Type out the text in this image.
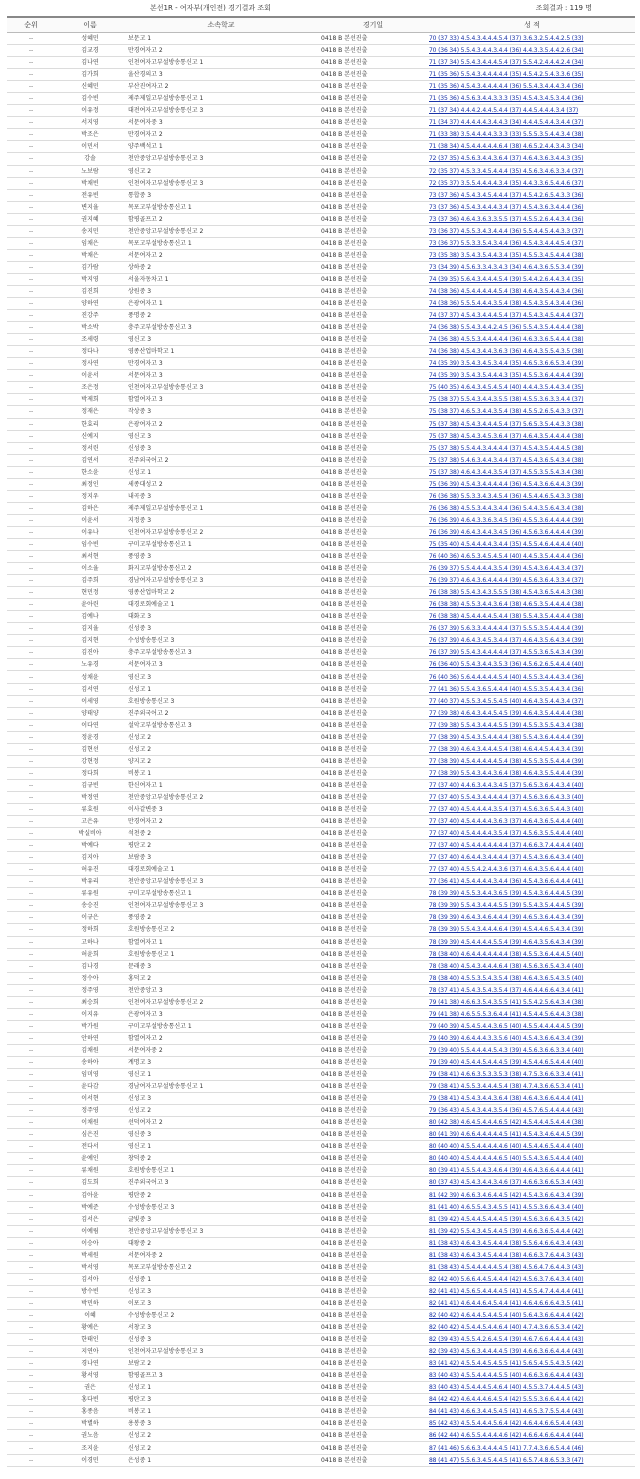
본선1R - 여자부(개인전) 경기결과 조회	조회결과 : 119 명
순위	이름	소속학교	경기일	성 적
--	성혜민	보문고 1	0418 B 본선진출	70 (37 33) 4.5.4.3.4.4.4.5.4 (37) 3.6.3.2.5.4.4.2.5 (33)
--	김교경	만경여자고 2	0418 B 본선진출	70 (36 34) 5.5.4.3.4.4.3.4.4 (36) 4.4.3.3.5.4.4.2.6 (34)
--	김나연	인천여자고부설방송통신고 1	0418 B 본선진출	71 (37 34) 5.5.4.3.4.4.4.5.4 (37) 5.5.4.2.4.4.4.2.4 (34)
--	김가희	울산경의고 3	0418 B 본선진출	71 (35 36) 5.5.4.3.4.4.4.4.4 (35) 4.5.4.2.5.4.3.3.6 (35)
--	신혜민	부산진여자고 2	0418 B 본선진출	71 (35 36) 4.5.4.3.4.4.4.4.4 (36) 5.5.4.3.4.4.4.3.4 (36)
--	김수빈	제주제일고부설방송통신고 1	0418 B 본선진출	71 (35 36) 4.5.6.3.4.4.3.3.3 (35) 4.5.4.3.4.5.3.4.4 (36)
--	이유정	대전여자고부설방송통신고 3	0418 B 본선진출	71 (37 34) 4.4.4.2.4.4.5.4.4 (37) 4.4.5.4.4.4.3.4 (37)
--	서지영	서문여자중 3	0418 B 본선진출	71 (34 37) 4.4.4.4.4.3.4.4.3 (34) 4.4.4.5.4.4.3.4.4 (37)
--	박조은	만경여자고 2	0418 B 본선진출	71 (33 38) 3.5.4.4.4.4.3.3.3 (33) 5.5.5.3.5.4.4.3.4 (38)
--	이민서	양주백석고 1	0418 B 본선진출	71 (38 34) 4.5.4.4.4.4.4.6.4 (38) 4.6.5.2.4.4.3.4.3 (34)
--	강솔	천안중앙고부설방송통신고 3	0418 B 본선진출	72 (37 35) 4.5.6.3.4.4.3.6.4 (37) 4.6.4.3.6.3.4.4.3 (35)
--	노보람	영신고 2	0418 B 본선진출	72 (35 37) 4.5.3.3.4.5.4.4.4 (35) 4.5.6.3.4.6.3.3.4 (37)
--	박채빈	인천여자고부설방송통신고 3	0418 B 본선진출	72 (35 37) 3.5.5.4.4.4.4.3.4 (35) 4.4.3.3.6.5.4.4.6 (37)
--	전유빈	통합중 3	0418 B 본선진출	73 (37 36) 4.5.4.3.4.5.4.4.4 (37) 4.5.4.2.6.5.4.3.3 (36)
--	변지율	목포고부설방송통신고 1	0418 B 본선진출	73 (37 36) 4.5.4.3.4.4.4.3.4 (37) 4.5.4.3.6.3.4.4.4 (36)
--	권지혜	함평골프고 2	0418 B 본선진출	73 (37 36) 4.6.4.3.6.3.3.5.5 (37) 4.5.5.2.6.4.4.3.4 (36)
--	송지민	천안중앙고부설방송통신고 2	0418 B 본선진출	73 (36 37) 4.5.5.3.4.3.4.4.4 (36) 5.5.4.4.5.4.4.3.3 (37)
--	임채은	목포고부설방송통신고 1	0418 B 본선진출	73 (36 37) 5.5.3.3.5.4.3.4.4 (36) 4.5.4.3.4.4.4.5.4 (37)
--	박채은	서문여자고 2	0418 B 본선진출	73 (35 38) 3.5.4.3.5.4.4.3.4 (35) 4.5.5.3.4.5.4.4.4 (38)
--	김가람	상하중 2	0418 B 본선진출	73 (34 39) 4.5.6.3.3.4.3.4.3 (34) 4.6.4.3.6.5.5.3.4 (39)
--	박지영	서울자동차고 1	0418 B 본선진출	74 (39 35) 5.6.4.3.4.4.4.5.4 (39) 5.4.4.2.6.4.4.3.4 (35)
--	김진희	상원중 3	0418 B 본선진출	74 (38 36) 4.5.4.4.4.4.4.5.4 (38) 4.6.4.3.5.4.4.3.4 (36)
--	양하연	은광여자고 1	0418 B 본선진출	74 (38 36) 5.5.5.4.4.4.3.5.4 (38) 4.5.4.3.5.4.3.4.4 (36)
--	진강주	풍명중 2	0418 B 본선진출	74 (37 37) 4.5.4.3.4.4.4.5.4 (37) 4.5.4.3.4.5.4.4.4 (37)
--	박소박	충주고부설방송통신고 3	0418 B 본선진출	74 (36 38) 5.5.4.3.4.4.2.4.5 (36) 5.5.4.3.5.4.4.4.4 (38)
--	조세령	영신고 3	0418 B 본선진출	74 (36 38) 4.5.5.3.4.4.4.4.4 (36) 4.6.3.3.6.5.4.4.4 (38)
--	정다나	영종산업마학고 1	0418 B 본선진출	74 (36 38) 4.5.4.3.4.4.3.6.3 (36) 4.6.4.3.5.5.4.3.5 (38)
--	정사연	만경여자고 3	0418 B 본선진출	74 (35 39) 3.5.4.3.4.5.3.4.4 (35) 4.6.5.3.6.6.5.3.4 (39)
--	이윤서	서문여자고 3	0418 B 본선진출	74 (35 39) 3.5.4.3.5.4.4.4.3 (35) 4.5.5.3.6.4.4.4.4 (39)
--	조은정	인천여자고부설방송통신고 3	0418 B 본선진출	75 (40 35) 4.6.4.3.4.5.4.5.4 (40) 4.4.4.3.5.4.4.3.4 (35)
--	박제희	함열여자고 3	0418 B 본선진출	75 (38 37) 5.5.4.3.4.4.3.5.5 (38) 4.5.5.3.6.3.3.4.4 (37)
--	정재은	작상중 3	0418 B 본선진출	75 (38 37) 4.6.5.3.4.4.3.5.4 (38) 4.5.5.2.6.5.4.3.3 (37)
--	한효리	은광여자고 2	0418 B 본선진출	75 (37 38) 4.5.4.3.4.4.4.5.4 (37) 5.6.5.3.5.4.4.3.3 (38)
--	신예지	영신고 3	0418 B 본선진출	75 (37 38) 4.5.4.3.4.5.3.6.4 (37) 4.6.4.3.5.4.4.4.4 (38)
--	정서린	신성중 3	0418 B 본선진출	75 (37 38) 5.5.4.4.3.4.4.4.4 (37) 4.5.4.3.5.4.4.4.5 (38)
--	김연서	진주외국어고 2	0418 B 본선진출	75 (37 38) 5.4.6.3.4.4.3.4.4 (37) 4.5.4.3.6.5.4.3.4 (38)
--	한소윤	신성고 1	0418 B 본선진출	75 (37 38) 4.6.4.3.4.4.3.5.4 (37) 4.5.5.3.5.5.4.3.4 (38)
--	최정인	세종대성고 2	0418 B 본선진출	75 (36 39) 4.5.4.3.4.4.4.4.4 (36) 4.5.4.3.6.6.4.4.3 (39)
--	정지우	내곡중 3	0418 B 본선진출	76 (36 38) 5.5.3.3.4.3.4.5.4 (36) 4.5.4.4.6.5.4.3.3 (38)
--	김하은	제주제일고부설방송통신고 1	0418 B 본선진출	76 (36 38) 4.5.5.3.4.4.3.4.4 (36) 5.4.4.3.5.6.4.3.4 (38)
--	이윤서	지정중 3	0418 B 본선진출	76 (36 39) 4.6.4.3.3.6.3.4.5 (36) 4.5.5.3.6.4.4.4.4 (39)
--	이유나	인천여자고부설방송통신고 2	0418 B 본선진출	76 (36 39) 4.6.4.3.4.4.3.4.5 (36) 4.5.6.3.6.4.4.4.4 (39)
--	임수빈	구미고부설방송통신고 1	0418 B 본선진출	75 (35 40) 4.5.4.4.4.4.3.4.4 (35) 4.5.5.4.6.4.4.4.4 (40)
--	최서현	풍영중 3	0418 B 본선진출	76 (40 36) 4.6.5.3.4.5.4.5.4 (40) 4.4.5.3.5.4.4.4.4 (36)
--	이소율	화지고부설방송통신고 2	0418 B 본선진출	76 (39 37) 5.5.4.4.4.4.3.5.4 (39) 4.5.4.3.6.4.4.3.4 (37)
--	김주희	경남여자고부설방송통신고 3	0418 B 본선진출	76 (39 37) 4.6.4.3.6.4.4.4.4 (39) 4.5.6.3.6.4.3.3.4 (37)
--	현민정	영종산업마학고 2	0418 B 본선진출	76 (38 38) 5.5.4.3.4.3.5.5.5 (38) 4.5.4.3.6.5.4.4.3 (38)
--	윤아린	대경로회예술고 1	0418 B 본선진출	76 (38 38) 4.5.5.3.4.4.3.6.4 (38) 4.6.5.3.5.4.4.4.4 (38)
--	김예나	대화고 3	0418 B 본선진출	76 (38 38) 4.5.4.4.4.4.5.4.4 (38) 5.5.4.3.5.4.4.4.4 (38)
--	김지율	신성중 3	0418 B 본선진출	76 (37 39) 5.6.3.3.4.4.4.4.4 (37) 5.5.5.3.5.4.4.4.4 (39)
--	김지현	수성방송통신고 3	0418 B 본선진출	76 (37 39) 4.6.4.3.4.5.3.4.4 (37) 4.6.4.3.5.6.4.3.4 (39)
--	김진아	충주고부설방송통신고 3	0418 B 본선진출	76 (37 39) 5.5.4.3.4.4.4.4.4 (37) 4.5.5.3.6.5.4.3.4 (39)
--	노유경	서문여자고 3	0418 B 본선진출	76 (36 40) 5.5.4.3.4.4.3.5.3 (36) 4.5.6.2.6.5.4.4.4 (40)
--	성채윤	영신고 3	0418 B 본선진출	76 (40 36) 5.6.4.4.4.4.4.5.4 (40) 4.5.5.3.4.4.4.3.4 (36)
--	김서연	신성고 1	0418 B 본선진출	77 (41 36) 5.5.4.3.6.5.4.4.4 (40) 4.5.5.3.5.4.4.3.4 (36)
--	이세영	호원방송통신고 3	0418 B 본선진출	77 (40 37) 4.5.5.3.4.5.5.4.5 (40) 4.6.4.3.5.4.4.3.4 (37)
--	양태양	진주외국어고 2	0418 B 본선진출	77 (39 38) 4.6.4.3.4.4.5.4.5 (39) 4.6.4.3.5.4.4.4.4 (38)
--	이다연	설악고부설방송통신고 3	0418 B 본선진출	77 (39 38) 5.5.4.3.4.4.4.5.5 (39) 4.5.5.3.5.5.4.3.4 (38)
--	정윤경	신성고 2	0418 B 본선진출	77 (38 39) 4.5.4.3.5.4.4.4.4 (38) 5.5.4.3.6.4.4.4.4 (39)
--	김현선	신성고 2	0418 B 본선진출	77 (38 39) 4.6.4.3.4.4.4.5.4 (38) 4.6.4.4.5.4.4.3.4 (39)
--	강현정	양지고 2	0418 B 본선진출	77 (38 39) 4.5.4.4.4.4.4.5.4 (38) 4.5.5.3.5.5.4.4.4 (39)
--	정다희	비봉고 1	0418 B 본선진출	77 (38 39) 5.5.4.3.4.4.3.6.4 (38) 4.6.4.3.5.5.4.4.4 (39)
--	김규빈	한신여자고 1	0418 B 본선진출	77 (37 40) 4.4.6.3.4.4.3.4.5 (37) 5.6.5.3.6.4.4.3.4 (40)
--	박정연	천안중앙고부설방송통신고 2	0418 B 본선진출	77 (37 40) 5.5.4.3.4.4.4.4.4 (37) 4.5.6.3.6.6.4.3.3 (40)
--	류효원	이사같변중 3	0418 B 본선진출	77 (37 40) 4.5.4.4.4.4.3.5.4 (37) 4.5.6.3.6.5.4.4.3 (40)
--	고은유	만경여자고 2	0418 B 본선진출	77 (37 40) 4.5.4.4.4.4.3.6.3 (37) 4.6.4.3.6.5.4.4.4 (40)
--	박실비아	석천중 2	0418 B 본선진출	77 (37 40) 4.5.4.4.4.4.3.5.4 (37) 4.5.6.3.5.5.4.4.4 (40)
--	박예다	평탄고 2	0418 B 본선진출	77 (37 40) 4.5.4.4.4.4.4.4.4 (37) 4.6.6.3.7.4.4.4.4 (40)
--	김지아	보람중 3	0418 B 본선진출	77 (37 40) 4.6.4.4.3.4.4.4.4 (37) 4.5.4.3.6.6.4.3.4 (40)
--	허유진	대경로회예술고 1	0418 B 본선진출	77 (37 40) 4.5.5.4.2.4.4.3.6 (37) 4.6.4.3.5.6.4.4.4 (40)
--	박유리	천안중앙고부설방송통신고 3	0418 B 본선진출	77 (36 41) 4.5.4.4.4.4.3.4.4 (36) 4.5.4.3.6.6.4.4.4 (41)
--	류유원	구미고부설방송통신고 1	0418 B 본선진출	78 (39 39) 4.5.5.3.4.4.3.6.5 (39) 4.5.4.3.6.4.4.4.5 (39)
--	송승진	인천여자고부설방송통신고 3	0418 B 본선진출	78 (39 39) 5.5.4.3.4.4.4.5.5 (39) 5.5.4.3.5.4.4.4.5 (39)
--	이규은	풍영중 2	0418 B 본선진출	78 (39 39) 4.6.4.3.4.6.4.4.4 (39) 4.6.5.3.6.4.4.3.4 (39)
--	정하희	호원방송통신고 2	0418 B 본선진출	78 (39 39) 5.5.4.3.4.4.4.6.4 (39) 4.5.4.4.6.5.4.3.4 (39)
--	고하나	함열여자고 1	0418 B 본선진출	78 (39 39) 4.5.4.4.4.4.5.5.4 (39) 4.6.4.3.5.6.4.3.4 (39)
--	허윤희	호원방송통신고 1	0418 B 본선진출	78 (38 40) 4.6.4.4.4.4.4.4.4 (38) 4.5.5.3.6.4.4.4.5 (40)
--	김나경	문래중 3	0418 B 본선진출	78 (38 40) 4.5.4.3.4.4.4.6.4 (38) 4.5.6.3.6.5.4.3.4 (40)
--	정수아	홍덕고 2	0418 B 본선진출	78 (38 40) 4.5.5.3.5.4.3.5.4 (38) 4.6.4.3.6.5.4.3.5 (40)
--	정주영	천안중앙고 3	0418 B 본선진출	78 (37 41) 4.5.4.3.5.4.3.5.4 (37) 4.6.4.4.6.6.4.3.4 (41)
--	최승희	인천여자고부설방송통신고 2	0418 B 본선진출	79 (41 38) 4.6.6.3.5.4.3.5.5 (41) 5.5.4.2.5.6.4.3.4 (38)
--	이지유	은광여자고 3	0418 B 본선진출	79 (41 38) 4.6.5.5.5.3.6.4.4 (41) 4.5.4.4.5.6.4.4.3 (38)
--	박가원	구미고부설방송통신고 1	0418 B 본선진출	79 (40 39) 4.5.4.5.4.4.3.6.5 (40) 4.5.5.4.4.4.4.4.5 (39)
--	안하연	함열여자고 2	0418 B 본선진출	79 (40 39) 4.6.4.4.4.3.3.5.6 (40) 4.5.4.3.6.6.4.3.4 (39)
--	김채원	서문여자중 2	0418 B 본선진출	79 (39 40) 5.5.4.4.4.4.5.4.3 (39) 4.5.6.3.6.6.3.3.4 (40)
--	송하아	계명고 3	0418 B 본선진출	79 (39 40) 4.5.4.4.5.4.4.4.5 (39) 4.5.4.4.6.5.4.4.4 (40)
--	임미영	영신고 1	0418 B 본선진출	79 (38 41) 4.6.6.3.5.3.3.5.3 (38) 4.7.5.3.6.6.3.3.4 (41)
--	윤다감	경남여자고부설방송통신고 1	0418 B 본선진출	79 (38 41) 4.5.5.3.4.4.4.5.4 (38) 4.7.4.3.6.6.5.3.4 (41)
--	이서현	신성고 3	0418 B 본선진출	79 (38 41) 4.5.4.3.4.4.3.6.4 (38) 4.6.4.3.6.6.4.4.4 (41)
--	정주영	신성고 2	0418 B 본선진출	79 (36 43) 4.5.4.3.4.4.3.5.4 (36) 4.5.7.6.5.4.4.4.4 (43)
--	이채원	선덕여자고 2	0418 B 본선진출	80 (42 38) 4.6.4.5.4.4.4.6.5 (42) 4.5.4.4.4.5.4.4.4 (38)
--	심은진	영신중 3	0418 B 본선진출	80 (41 39) 4.6.6.4.4.4.4.4.5 (41) 4.5.4.3.4.6.4.4.5 (39)
--	전다서	영신고 1	0418 B 본선진출	80 (40 40) 4.5.5.4.4.4.4.4.6 (40) 4.5.4.4.6.5.4.4.4 (40)
--	윤예인	창덕중 2	0418 B 본선진출	80 (40 40) 4.5.4.4.4.4.4.6.5 (40) 5.5.4.3.6.5.4.4.4 (40)
--	류채원	호원방송통신고 1	0418 B 본선진출	80 (39 41) 4.5.5.4.4.3.4.6.4 (39) 4.6.4.3.6.6.4.4.4 (41)
--	김도희	진주외국어고 3	0418 B 본선진출	80 (37 43) 4.5.4.3.4.4.3.4.6 (37) 4.6.6.3.6.6.5.3.4 (43)
--	김아윤	평탄중 2	0418 B 본선진출	81 (42 39) 4.6.6.3.4.6.4.4.5 (42) 4.5.4.3.6.6.4.3.4 (39)
--	박예준	수성방송통신고 3	0418 B 본선진출	81 (41 40) 4.6.5.5.4.3.4.5.5 (41) 4.5.5.3.6.6.4.3.4 (40)
--	김서은	글빛중 3	0418 B 본선진출	81 (39 42) 4.5.4.4.5.4.4.4.5 (39) 4.5.6.3.6.6.4.3.5 (42)
--	이예림	천안중앙고부설방송통신고 3	0418 B 본선진출	81 (39 42) 5.5.4.3.4.5.4.4.5 (39) 4.6.6.3.6.5.4.4.4 (42)
--	이승아	대왕중 2	0418 B 본선진출	81 (38 43) 4.6.4.3.4.5.4.4.4 (38) 5.5.6.4.6.6.4.3.4 (43)
--	박세원	서문여자중 2	0418 B 본선진출	81 (38 43) 4.6.4.3.4.5.4.4.4 (38) 4.6.6.3.7.6.4.4.3 (43)
--	박서영	목포고부설방송통신고 2	0418 B 본선진출	81 (38 43) 4.5.4.4.4.4.4.5.4 (38) 4.5.6.4.7.6.4.4.3 (43)
--	김서아	신성중 1	0418 B 본선진출	82 (42 40) 5.6.6.4.4.5.4.4.4 (42) 4.5.6.3.7.6.4.3.4 (40)
--	방수빈	신성고 3	0418 B 본선진출	82 (41 41) 4.5.6.5.4.4.4.4.5 (41) 4.5.5.4.7.4.4.4.4 (41)
--	박민하	이포고 3	0418 B 본선진출	82 (41 41) 4.6.4.4.6.4.5.4.4 (41) 4.6.4.6.6.6.4.3.5 (41)
--	이혜	수성방송통신고 2	0418 B 본선진출	82 (40 42) 4.6.4.4.5.4.4.5.4 (40) 5.6.4.3.6.6.4.4.4 (42)
--	황예은	서창고 3	0418 B 본선진출	82 (40 42) 4.5.4.4.5.4.4.6.4 (40) 4.7.4.3.6.6.5.3.4 (42)
--	한태인	신성중 3	0418 B 본선진출	82 (39 43) 4.5.5.4.2.6.4.5.4 (39) 4.6.7.6.6.4.4.4.4 (43)
--	지연아	인천여자고부설방송통신고 3	0418 B 본선진출	82 (39 43) 4.5.6.3.4.4.4.4.5 (39) 4.6.6.3.6.6.4.4.4 (43)
--	경나연	보람고 2	0418 B 본선진출	83 (41 42) 4.5.5.4.4.5.4.5.5 (41) 5.6.5.4.5.5.4.3.5 (42)
--	황서영	함평골프고 3	0418 B 본선진출	83 (40 43) 4.5.5.4.4.4.4.5.5 (40) 4.6.6.3.6.6.4.4.4 (43)
--	권은	신성고 1	0418 B 본선진출	83 (40 43) 4.5.4.4.4.5.4.6.4 (40) 4.5.5.3.7.4.4.4.5 (43)
--	홍다빈	평탄고 3	0418 B 본선진출	84 (42 42) 4.6.4.4.4.6.4.5.4 (42) 5.5.5.3.6.6.4.4.4 (42)
--	홍종음	비봉고 1	0418 B 본선진출	84 (41 43) 4.6.6.3.4.4.5.4.5 (41) 4.6.5.3.7.5.5.4.4 (43)
--	박별하	용봉중 3	0418 B 본선진출	85 (42 43) 4.5.5.4.4.4.5.6.4 (42) 4.6.4.4.6.6.5.4.4 (43)
--	권노음	신성고 2	0418 B 본선진출	86 (42 44) 4.6.5.5.4.4.4.4.6 (42) 4.6.6.4.6.6.4.4.4 (44)
--	조지윤	신성고 2	0418 B 본선진출	87 (41 46) 5.6.6.3.4.4.4.4.5 (41) 7.7.4.3.6.6.5.4.4 (46)
--	이경민	은성중 1	0418 B 본선진출	88 (41 47) 5.5.6.3.4.5.4.4.5 (41) 6.5.7.4.8.6.5.3.3 (47)
